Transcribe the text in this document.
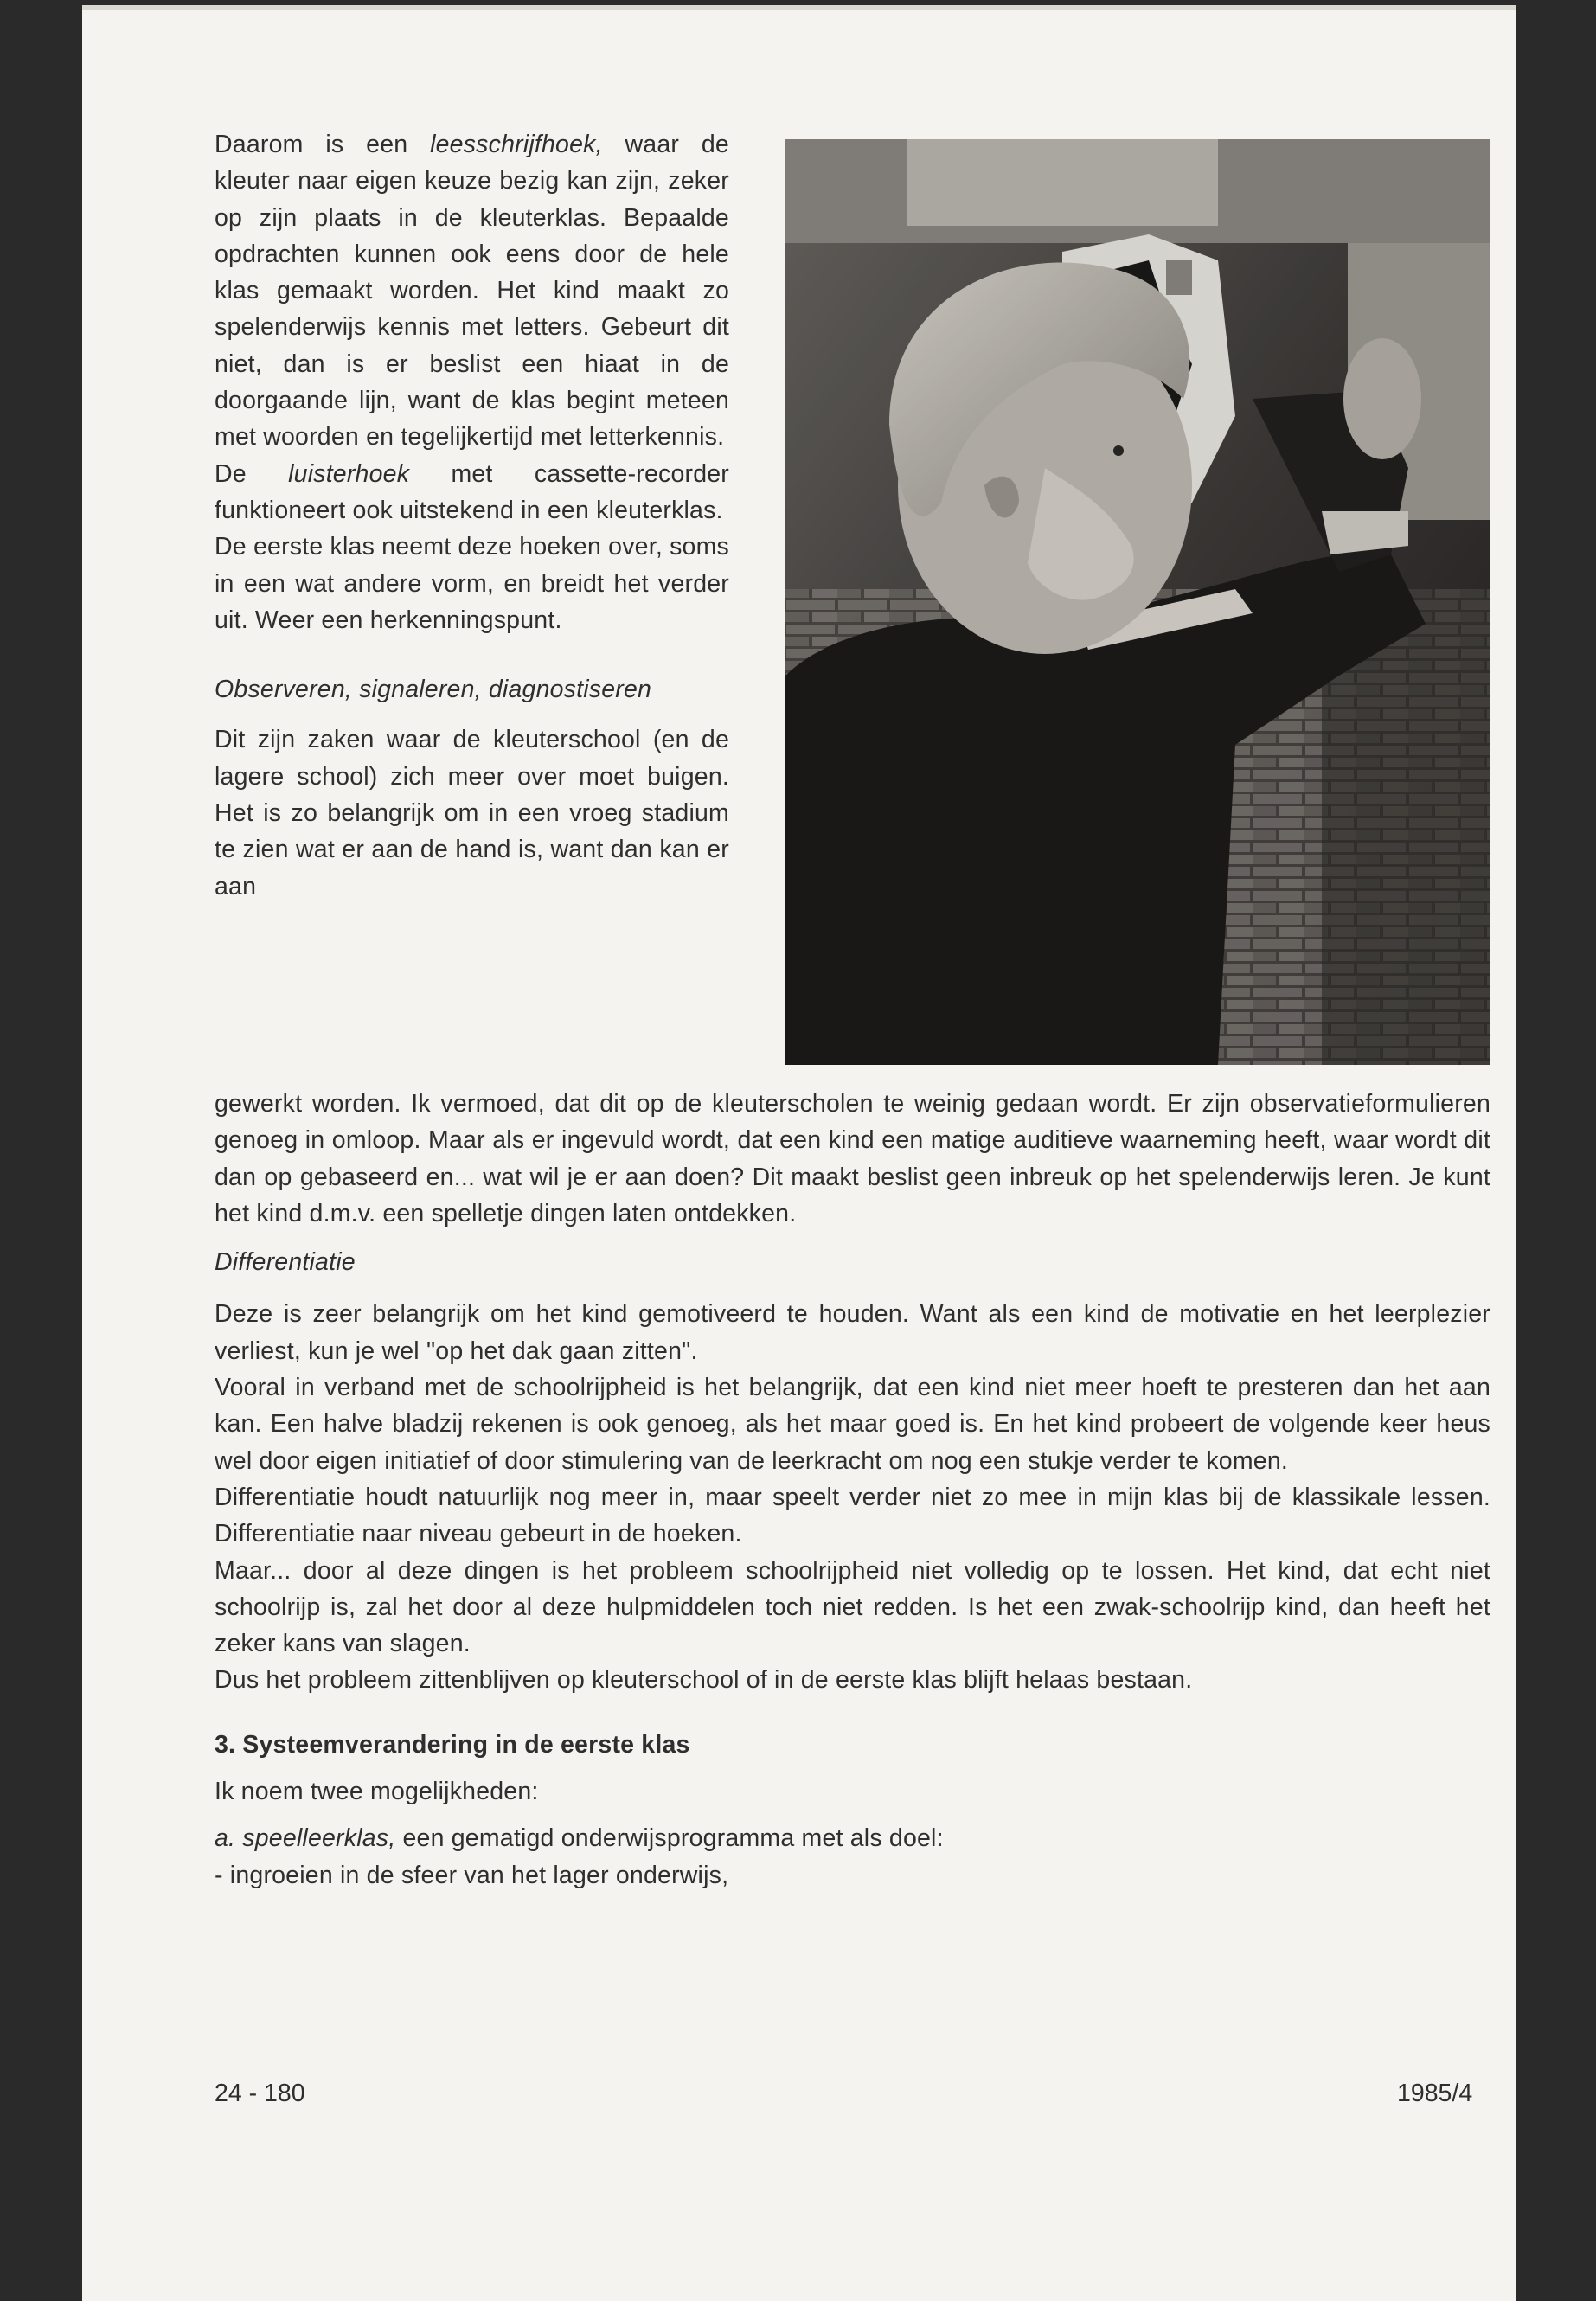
Daarom is een leesschrijfhoek, waar de kleuter naar eigen keuze bezig kan zijn, zeker op zijn plaats in de kleuterklas. Bepaalde opdrachten kunnen ook eens door de hele klas gemaakt worden. Het kind maakt zo spelenderwijs kennis met letters. Gebeurt dit niet, dan is er beslist een hiaat in de doorgaande lijn, want de klas begint meteen met woorden en tegelijkertijd met letterkennis.

De luisterhoek met cassette-recorder funktioneert ook uitstekend in een kleuterklas.

De eerste klas neemt deze hoeken over, soms in een wat andere vorm, en breidt het verder uit. Weer een herkenningspunt.

Observeren, signaleren, diagnostiseren

Dit zijn zaken waar de kleuterschool (en de lagere school) zich meer over moet buigen. Het is zo belangrijk om in een vroeg stadium te zien wat er aan de hand is, want dan kan er aan

gewerkt worden. Ik vermoed, dat dit op de kleuterscholen te weinig gedaan wordt. Er zijn observatieformulieren genoeg in omloop. Maar als er ingevuld wordt, dat een kind een matige auditieve waarneming heeft, waar wordt dit dan op gebaseerd en... wat wil je er aan doen? Dit maakt beslist geen inbreuk op het spelenderwijs leren. Je kunt het kind d.m.v. een spelletje dingen laten ontdekken.

Differentiatie

Deze is zeer belangrijk om het kind gemotiveerd te houden. Want als een kind de motivatie en het leerplezier verliest, kun je wel "op het dak gaan zitten".

Vooral in verband met de schoolrijpheid is het belangrijk, dat een kind niet meer hoeft te presteren dan het aan kan. Een halve bladzij rekenen is ook genoeg, als het maar goed is. En het kind probeert de volgende keer heus wel door eigen initiatief of door stimulering van de leerkracht om nog een stukje verder te komen.

Differentiatie houdt natuurlijk nog meer in, maar speelt verder niet zo mee in mijn klas bij de klassikale lessen. Differentiatie naar niveau gebeurt in de hoeken.

Maar... door al deze dingen is het probleem schoolrijpheid niet volledig op te lossen. Het kind, dat echt niet schoolrijp is, zal het door al deze hulpmiddelen toch niet redden. Is het een zwak-schoolrijp kind, dan heeft het zeker kans van slagen.

Dus het probleem zittenblijven op kleuterschool of in de eerste klas blijft helaas bestaan.

3. Systeemverandering in de eerste klas

Ik noem twee mogelijkheden:

a. speelleerklas, een gematigd onderwijsprogramma met als doel:

- ingroeien in de sfeer van het lager onderwijs,

24 - 180	1985/4
